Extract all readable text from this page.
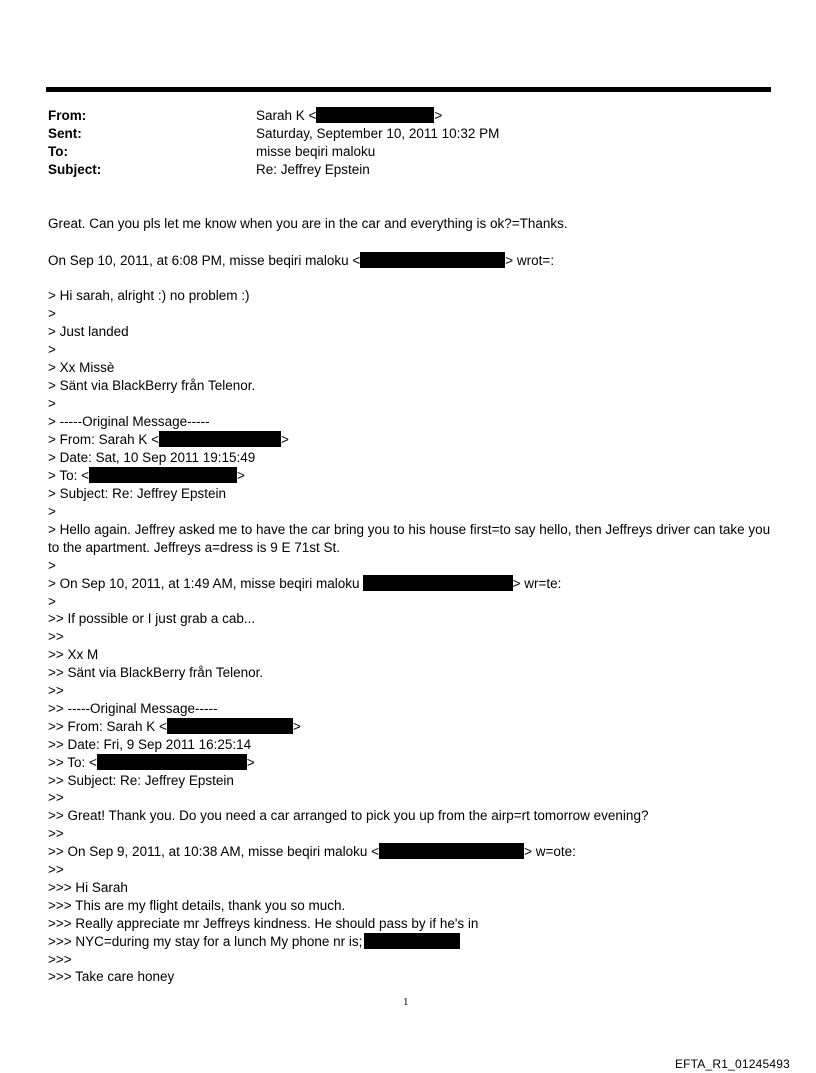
From:	Sarah K <	>
Sent:	Saturday, September 10, 2011 10:32 PM
To:	misse beqiri maloku
Subject:	Re: Jeffrey Epstein
Great. Can you pls let me know when you are in the car and everything is ok?=Thanks.
On Sep 10, 2011, at 6:08 PM, misse beqiri maloku <	> wrot=:
> Hi sarah, alright :) no problem :)
>
> Just landed
>
> Xx Missè
> Sänt via BlackBerry från Telenor.
>
> -----Original Message-----
> From: Sarah K <	>
> Date: Sat, 10 Sep 2011 19:15:49
> To: <	>
> Subject: Re: Jeffrey Epstein
>
> Hello again. Jeffrey asked me to have the car bring you to his house first=to say hello, then Jeffreys driver can take you
to the apartment. Jeffreys a=dress is 9 E 71st St.
>
> On Sep 10, 2011, at 1:49 AM, misse beqiri maloku	> wr=te:
>
>> If possible or I just grab a cab...
>>
>> Xx M
>> Sänt via BlackBerry från Telenor.
>>
>> -----Original Message-----
>> From: Sarah K <	>
>> Date: Fri, 9 Sep 2011 16:25:14
>> To: <	>
>> Subject: Re: Jeffrey Epstein
>>
>> Great! Thank you. Do you need a car arranged to pick you up from the airp=rt tomorrow evening?
>>
>> On Sep 9, 2011, at 10:38 AM, misse beqiri maloku <	> w=ote:
>>
>>> Hi Sarah
>>> This are my flight details, thank you so much.
>>> Really appreciate mr Jeffreys kindness. He should pass by if he's in
>>> NYC=during my stay for a lunch My phone nr is;
>>>
>>> Take care honey
1
EFTA_R1_01245493
